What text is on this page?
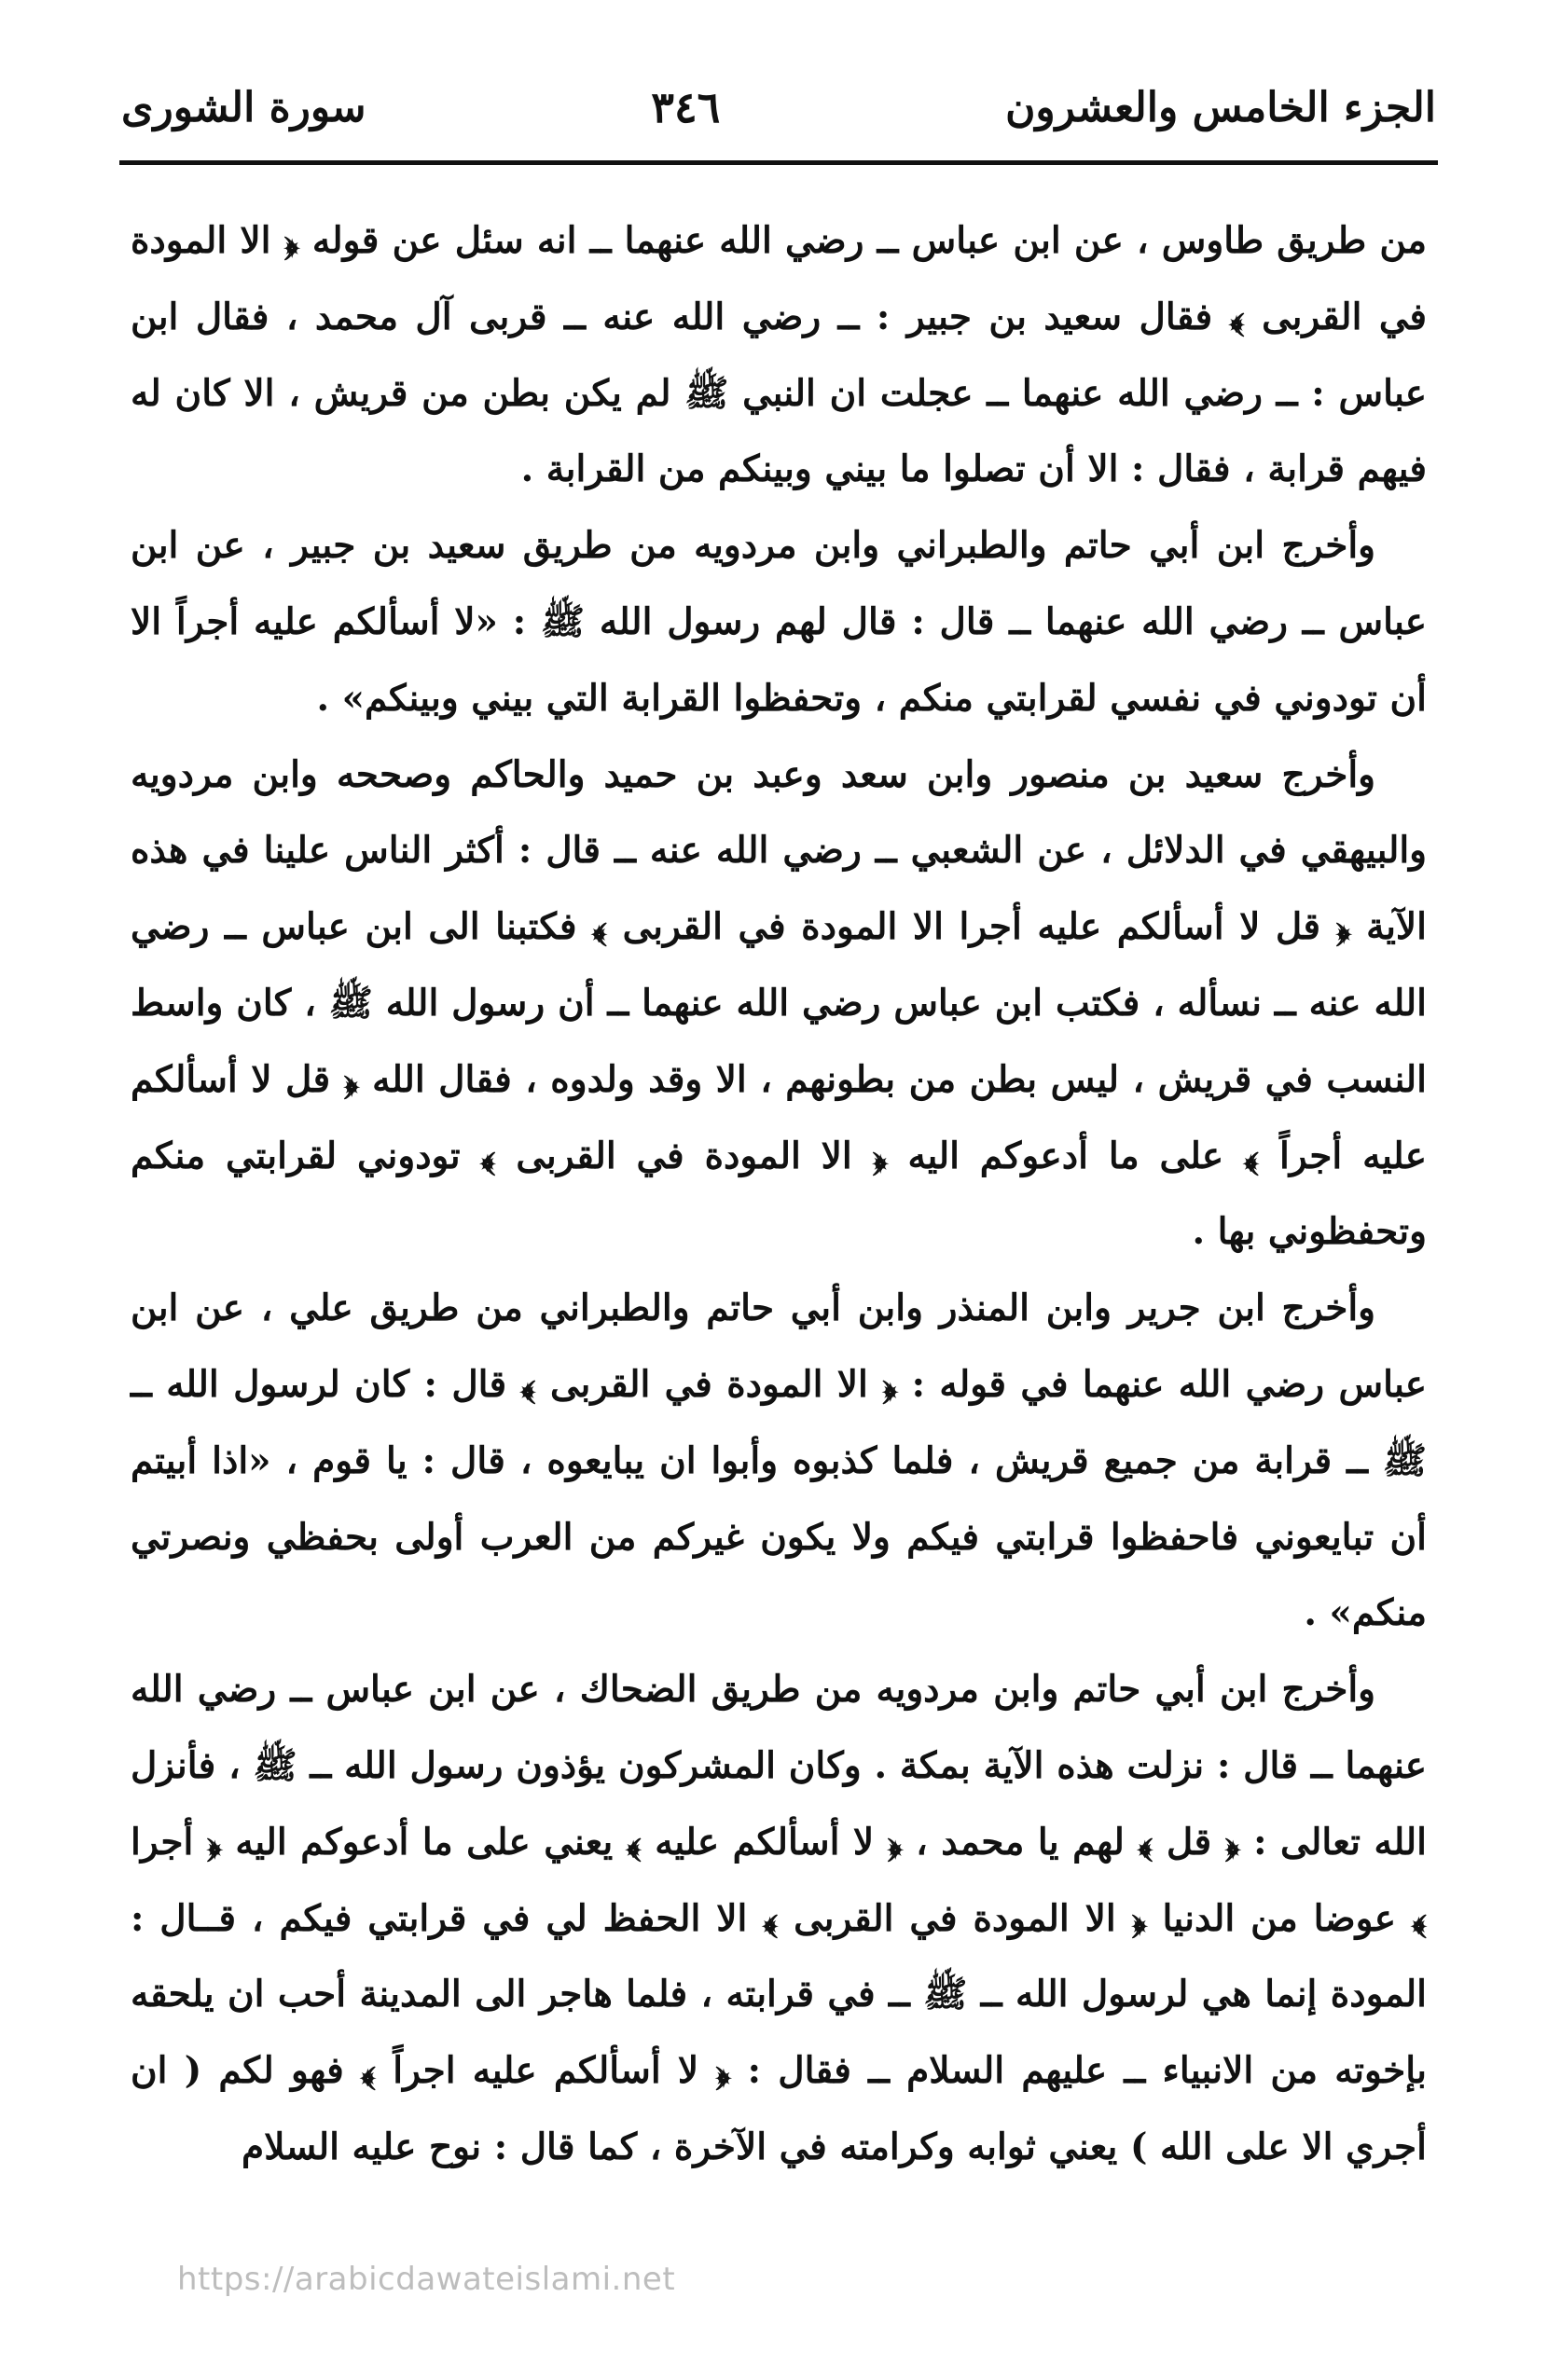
الجزء الخامس والعشرون
٣٤٦
سورة الشورى

من طريق طاوس ، عن ابن عباس ــ رضي الله عنهما ــ انه سئل عن قوله ﴿ الا المودة في القربى ﴾ فقال سعيد بن جبير : ــ رضي الله عنه ــ قربى آل محمد ، فقال ابن عباس : ــ رضي الله عنهما ــ عجلت ان النبي ﷺ لم يكن بطن من قريش ، الا كان له فيهم قرابة ، فقال : الا أن تصلوا ما بيني وبينكم من القرابة .

وأخرج ابن أبي حاتم والطبراني وابن مردويه من طريق سعيد بن جبير ، عن ابن عباس ــ رضي الله عنهما ــ قال : قال لهم رسول الله ﷺ : «لا أسألكم عليه أجراً الا أن تودوني في نفسي لقرابتي منكم ، وتحفظوا القرابة التي بيني وبينكم» .

وأخرج سعيد بن منصور وابن سعد وعبد بن حميد والحاكم وصححه وابن مردويه والبيهقي في الدلائل ، عن الشعبي ــ رضي الله عنه ــ قال : أكثر الناس علينا في هذه الآية ﴿ قل لا أسألكم عليه أجرا الا المودة في القربى ﴾ فكتبنا الى ابن عباس ــ رضي الله عنه ــ نسأله ، فكتب ابن عباس رضي الله عنهما ــ أن رسول الله ﷺ ، كان واسط النسب في قريش ، ليس بطن من بطونهم ، الا وقد ولدوه ، فقال الله ﴿ قل لا أسألكم عليه أجراً ﴾ على ما أدعوكم اليه ﴿ الا المودة في القربى ﴾ تودوني لقرابتي منكم وتحفظوني بها .

وأخرج ابن جرير وابن المنذر وابن أبي حاتم والطبراني من طريق علي ، عن ابن عباس رضي الله عنهما في قوله : ﴿ الا المودة في القربى ﴾ قال : كان لرسول الله ــ ﷺ ــ قرابة من جميع قريش ، فلما كذبوه وأبوا ان يبايعوه ، قال : يا قوم ، «اذا أبيتم أن تبايعوني فاحفظوا قرابتي فيكم ولا يكون غيركم من العرب أولى بحفظي ونصرتي منكم» .

وأخرج ابن أبي حاتم وابن مردويه من طريق الضحاك ، عن ابن عباس ــ رضي الله عنهما ــ قال : نزلت هذه الآية بمكة . وكان المشركون يؤذون رسول الله ــ ﷺ ، فأنزل الله تعالى : ﴿ قل ﴾ لهم يا محمد ، ﴿ لا أسألكم عليه ﴾ يعني على ما أدعوكم اليه ﴿ أجرا ﴾ عوضا من الدنيا ﴿ الا المودة في القربى ﴾ الا الحفظ لي في قرابتي فيكم ، قــال : المودة إنما هي لرسول الله ــ ﷺ ــ في قرابته ، فلما هاجر الى المدينة أحب ان يلحقه بإخوته من الانبياء ــ عليهم السلام ــ فقال : ﴿ لا أسألكم عليه اجراً ﴾ فهو لكم ( ان أجري الا على الله ) يعني ثوابه وكرامته في الآخرة ، كما قال : نوح عليه السلام

https://arabicdawateislami.net
